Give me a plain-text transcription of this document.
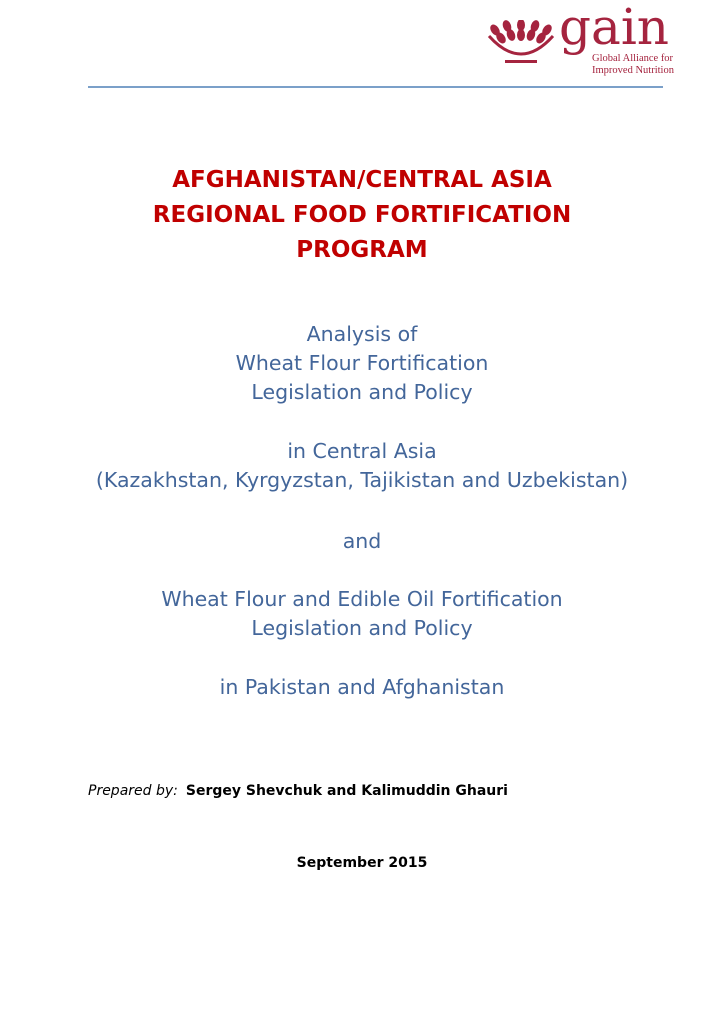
gain
Global Alliance for
Improved Nutrition
AFGHANISTAN/CENTRAL ASIA
REGIONAL FOOD FORTIFICATION
PROGRAM
Analysis of
Wheat Flour Fortification
Legislation and Policy
in Central Asia
(Kazakhstan, Kyrgyzstan, Tajikistan and Uzbekistan)
and
Wheat Flour and Edible Oil Fortification
Legislation and Policy
in Pakistan and Afghanistan
Prepared by: Sergey Shevchuk and Kalimuddin Ghauri
September 2015
